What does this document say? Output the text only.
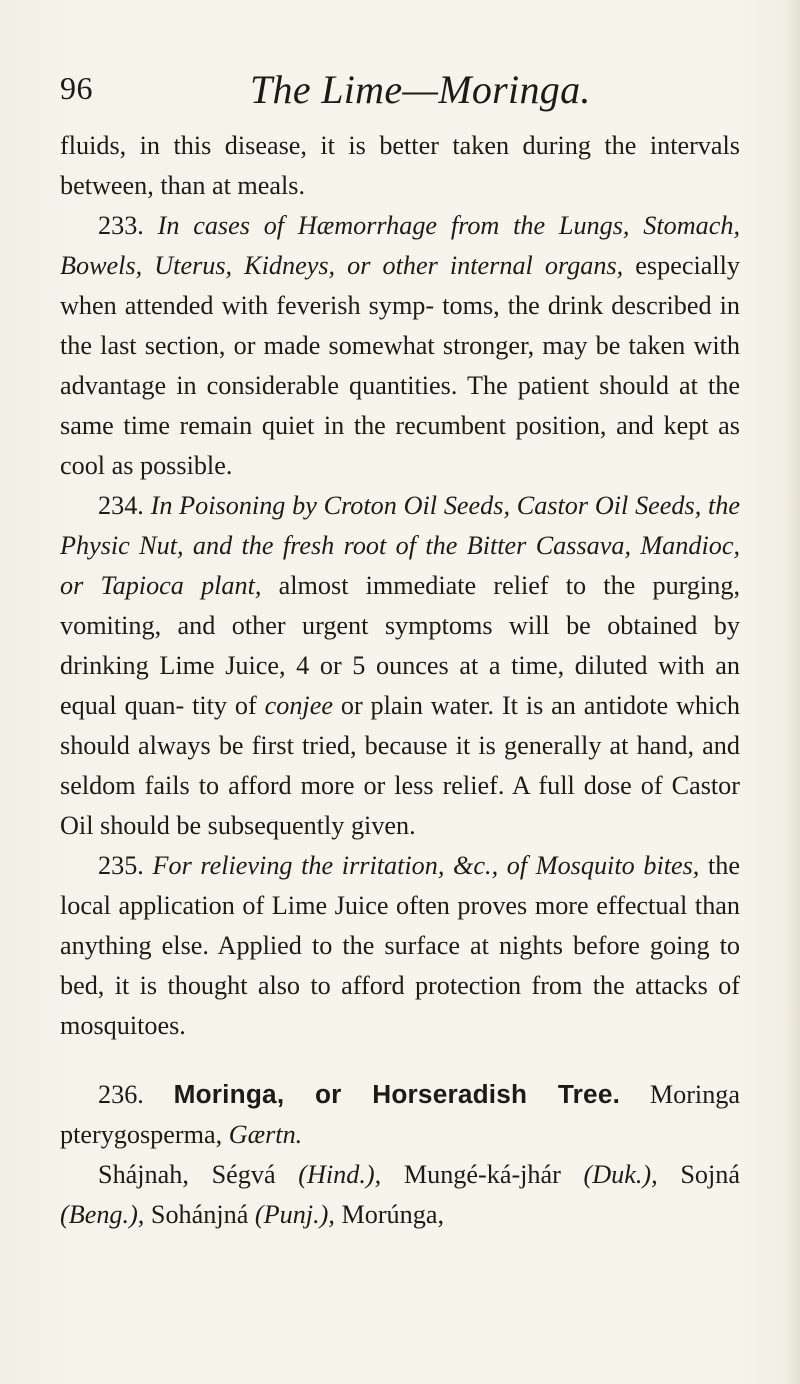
96	The Lime—Moringa.

fluids, in this disease, it is better taken during the intervals between, than at meals.

233. In cases of Hæmorrhage from the Lungs, Stomach, Bowels, Uterus, Kidneys, or other internal organs, especially when attended with feverish symp- toms, the drink described in the last section, or made somewhat stronger, may be taken with advantage in considerable quantities. The patient should at the same time remain quiet in the recumbent position, and kept as cool as possible.

234. In Poisoning by Croton Oil Seeds, Castor Oil Seeds, the Physic Nut, and the fresh root of the Bitter Cassava, Mandioc, or Tapioca plant, almost immediate relief to the purging, vomiting, and other urgent symptoms will be obtained by drinking Lime Juice, 4 or 5 ounces at a time, diluted with an equal quan- tity of conjee or plain water. It is an antidote which should always be first tried, because it is generally at hand, and seldom fails to afford more or less relief. A full dose of Castor Oil should be subsequently given.

235. For relieving the irritation, &c., of Mosquito bites, the local application of Lime Juice often proves more effectual than anything else. Applied to the surface at nights before going to bed, it is thought also to afford protection from the attacks of mosquitoes.

236. Moringa, or Horseradish Tree. Moringa pterygosperma, Gærtn.

Shájnah, Ségvá (Hind.), Mungé-ká-jhár (Duk.), Sojná (Beng.), Sohánjná (Punj.), Morúnga,
